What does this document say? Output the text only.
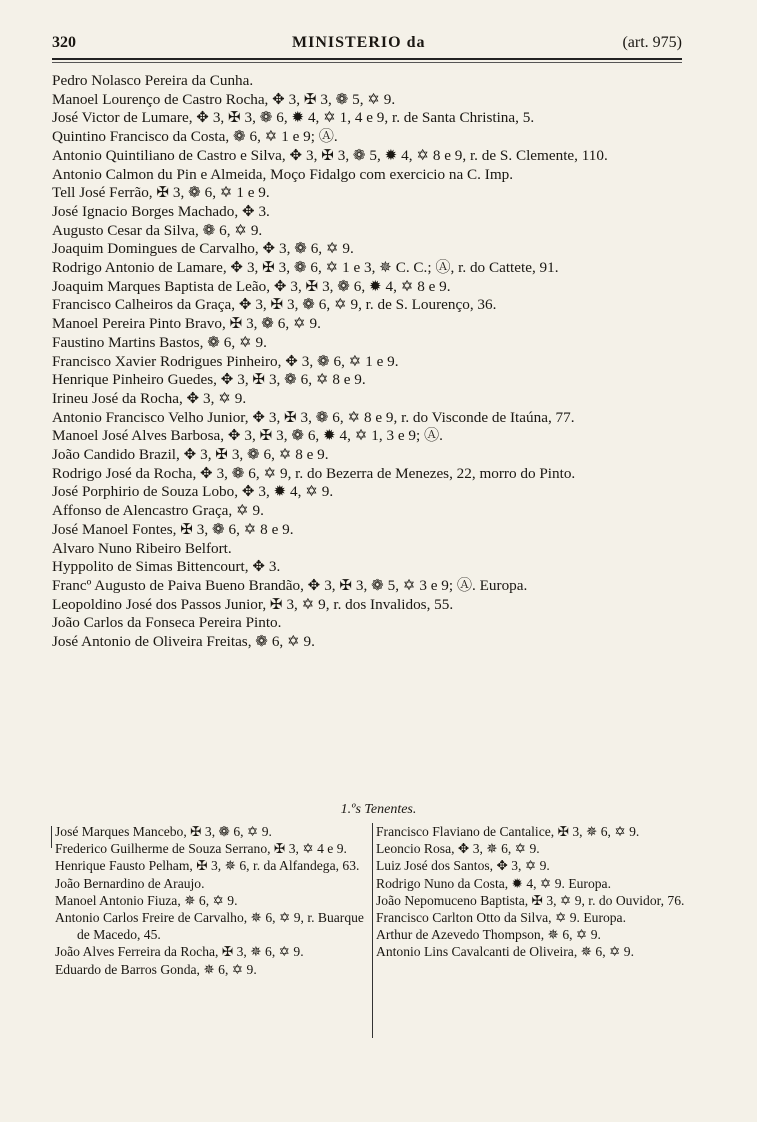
320	MINISTERIO da	(art. 975)
Pedro Nolasco Pereira da Cunha.
Manoel Lourenço de Castro Rocha, ✥ 3, ✠ 3, ❁ 5, ✡ 9.
José Victor de Lumare, ✥ 3, ✠ 3, ❁ 6, ✹ 4, ✡ 1, 4 e 9, r. de Santa Christina, 5.
Quintino Francisco da Costa, ❁ 6, ✡ 1 e 9; Ⓐ.
Antonio Quintiliano de Castro e Silva, ✥ 3, ✠ 3, ❁ 5, ✹ 4, ✡ 8 e 9, r. de S. Clemente, 110.
Antonio Calmon du Pin e Almeida, Moço Fidalgo com exercicio na C. Imp.
Tell José Ferrão, ✠ 3, ❁ 6, ✡ 1 e 9.
José Ignacio Borges Machado, ✥ 3.
Augusto Cesar da Silva, ❁ 6, ✡ 9.
Joaquim Domingues de Carvalho, ✥ 3, ❁ 6, ✡ 9.
Rodrigo Antonio de Lamare, ✥ 3, ✠ 3, ❁ 6, ✡ 1 e 3, ✵ C. C.; Ⓐ, r. do Cattete, 91.
Joaquim Marques Baptista de Leão, ✥ 3, ✠ 3, ❁ 6, ✹ 4, ✡ 8 e 9.
Francisco Calheiros da Graça, ✥ 3, ✠ 3, ❁ 6, ✡ 9, r. de S. Lourenço, 36.
Manoel Pereira Pinto Bravo, ✠ 3, ❁ 6, ✡ 9.
Faustino Martins Bastos, ❁ 6, ✡ 9.
Francisco Xavier Rodrigues Pinheiro, ✥ 3, ❁ 6, ✡ 1 e 9.
Henrique Pinheiro Guedes, ✥ 3, ✠ 3, ❁ 6, ✡ 8 e 9.
Irineu José da Rocha, ✥ 3, ✡ 9.
Antonio Francisco Velho Junior, ✥ 3, ✠ 3, ❁ 6, ✡ 8 e 9, r. do Visconde de Itaúna, 77.
Manoel José Alves Barbosa, ✥ 3, ✠ 3, ❁ 6, ✹ 4, ✡ 1, 3 e 9; Ⓐ.
João Candido Brazil, ✥ 3, ✠ 3, ❁ 6, ✡ 8 e 9.
Rodrigo José da Rocha, ✥ 3, ❁ 6, ✡ 9, r. do Bezerra de Menezes, 22, morro do Pinto.
José Porphirio de Souza Lobo, ✥ 3, ✹ 4, ✡ 9.
Affonso de Alencastro Graça, ✡ 9.
José Manoel Fontes, ✠ 3, ❁ 6, ✡ 8 e 9.
Alvaro Nuno Ribeiro Belfort.
Hyppolito de Simas Bittencourt, ✥ 3.
Francº Augusto de Paiva Bueno Brandão, ✥ 3, ✠ 3, ❁ 5, ✡ 3 e 9; Ⓐ. Europa.
Leopoldino José dos Passos Junior, ✠ 3, ✡ 9, r. dos Invalidos, 55.
João Carlos da Fonseca Pereira Pinto.
José Antonio de Oliveira Freitas, ❁ 6, ✡ 9.
1.ºs Tenentes.
José Marques Mancebo, ✠ 3, ❁ 6, ✡ 9.
Frederico Guilherme de Souza Serrano, ✠ 3, ✡ 4 e 9.
Henrique Fausto Pelham, ✠ 3, ✵ 6, r. da Alfandega, 63.
João Bernardino de Araujo.
Manoel Antonio Fiuza, ✵ 6, ✡ 9.
Antonio Carlos Freire de Carvalho, ✵ 6, ✡ 9, r. Buarque de Macedo, 45.
João Alves Ferreira da Rocha, ✠ 3, ✵ 6, ✡ 9.
Eduardo de Barros Gonda, ✵ 6, ✡ 9.
Francisco Flaviano de Cantalice, ✠ 3, ✵ 6, ✡ 9.
Leoncio Rosa, ✥ 3, ✵ 6, ✡ 9.
Luiz José dos Santos, ✥ 3, ✡ 9.
Rodrigo Nuno da Costa, ✹ 4, ✡ 9. Europa.
João Nepomuceno Baptista, ✠ 3, ✡ 9, r. do Ouvidor, 76.
Francisco Carlton Otto da Silva, ✡ 9. Europa.
Arthur de Azevedo Thompson, ✵ 6, ✡ 9.
Antonio Lins Cavalcanti de Oliveira, ✵ 6, ✡ 9.
